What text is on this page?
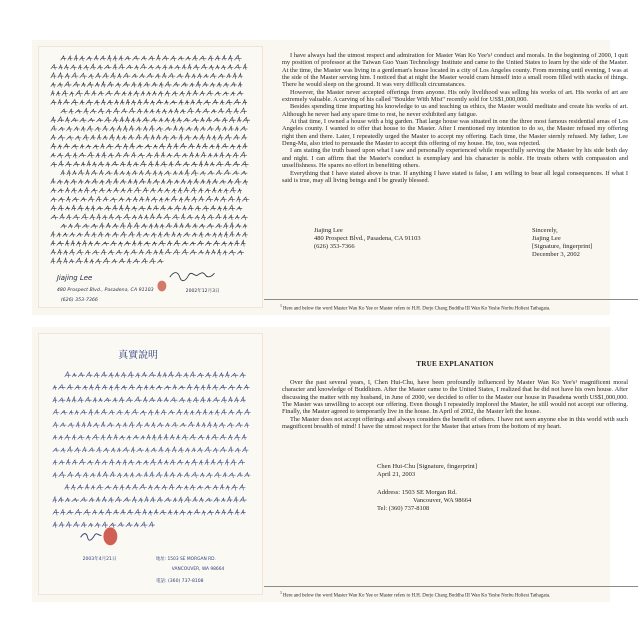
Jiajing Lee
480 Prospect Blvd., Pasadena, CA 91103
(626) 353-7366
2002年12月3日

I have always had the utmost respect and admiration for Master Wan Ko Yee's¹ conduct and morals. In the beginning of 2000, I quit my position of professor at the Taiwan Guo Yuan Technology Institute and came to the United States to learn by the side of the Master. At the time, the Master was living in a gentleman's house located in a city of Los Angeles county. From morning until evening, I was at the side of the Master serving him. I noticed that at night the Master would cram himself into a small room filled with stacks of things. There he would sleep on the ground. It was very difficult circumstances.

However, the Master never accepted offerings from anyone. His only livelihood was selling his works of art. His works of art are extremely valuable. A carving of his called "Boulder With Mist" recently sold for US$1,000,000.

Besides spending time imparting his knowledge to us and teaching us ethics, the Master would meditate and create his works of art. Although he never had any spare time to rest, he never exhibited any fatigue.

At that time, I owned a house with a big garden. That large house was situated in one the three most famous residential areas of Los Angeles county. I wanted to offer that house to the Master. After I mentioned my intention to do so, the Master refused my offering right then and there. Later, I repeatedly urged the Master to accept my offering. Each time, the Master sternly refused. My father, Lee Deng-Mu, also tried to persuade the Master to accept this offering of my house. He, too, was rejected.

I am stating the truth based upon what I saw and personally experienced while respectfully serving the Master by his side both day and night. I can affirm that the Master's conduct is exemplary and his character is noble. He treats others with compassion and unselfishness. He spares no effort in benefiting others.

Everything that I have stated above is true. If anything I have stated is false, I am willing to bear all legal consequences. If what I said is true, may all living beings and I be greatly blessed.

Jiajing Lee
480 Prospect Blvd., Pasadena, CA 91103
(626) 353-7366
Sincerely,
Jiajing Lee
[Signature, fingerprint]
December 3, 2002
$^1$Here and below the word Master Wan Ko Yee or Master refers to H.H. Dorje Chang Buddha III Wan Ko Yeshe Norbu Holiest Tathagata.
真實說明
2003年4月21日	地址: 1503 SE MORGAN RD.
VANCOUVER, WA 98664
電話: (360) 737-8108
TRUE EXPLANATION

Over the past several years, I, Chen Hui-Chu, have been profoundly influenced by Master Wan Ko Yee's¹ magnificent moral character and knowledge of Buddhism. After the Master came to the United States, I realized that he did not have his own house. After discussing the matter with my husband, in June of 2000, we decided to offer to the Master our house in Pasadena worth US$1,000,000. The Master was unwilling to accept our offering. Even though I repeatedly implored the Master, he still would not accept our offering. Finally, the Master agreed to temporarily live in the house. In April of 2002, the Master left the house.

The Master does not accept offerings and always considers the benefit of others. I have not seen anyone else in this world with such magnificent breadth of mind! I have the utmost respect for the Master that arises from the bottom of my heart.

Chen Hui-Chu [Signature, fingerprint]
April 21, 2003
Address: 1503 SE Morgan Rd.
Vancouver, WA 98664
Tel: (360) 737-8108
$^1$Here and below the word Master Wan Ko Yee or Master refers to H.H. Dorje Chang Buddha III Wan Ko Yeshe Norbu Holiest Tathagata.
